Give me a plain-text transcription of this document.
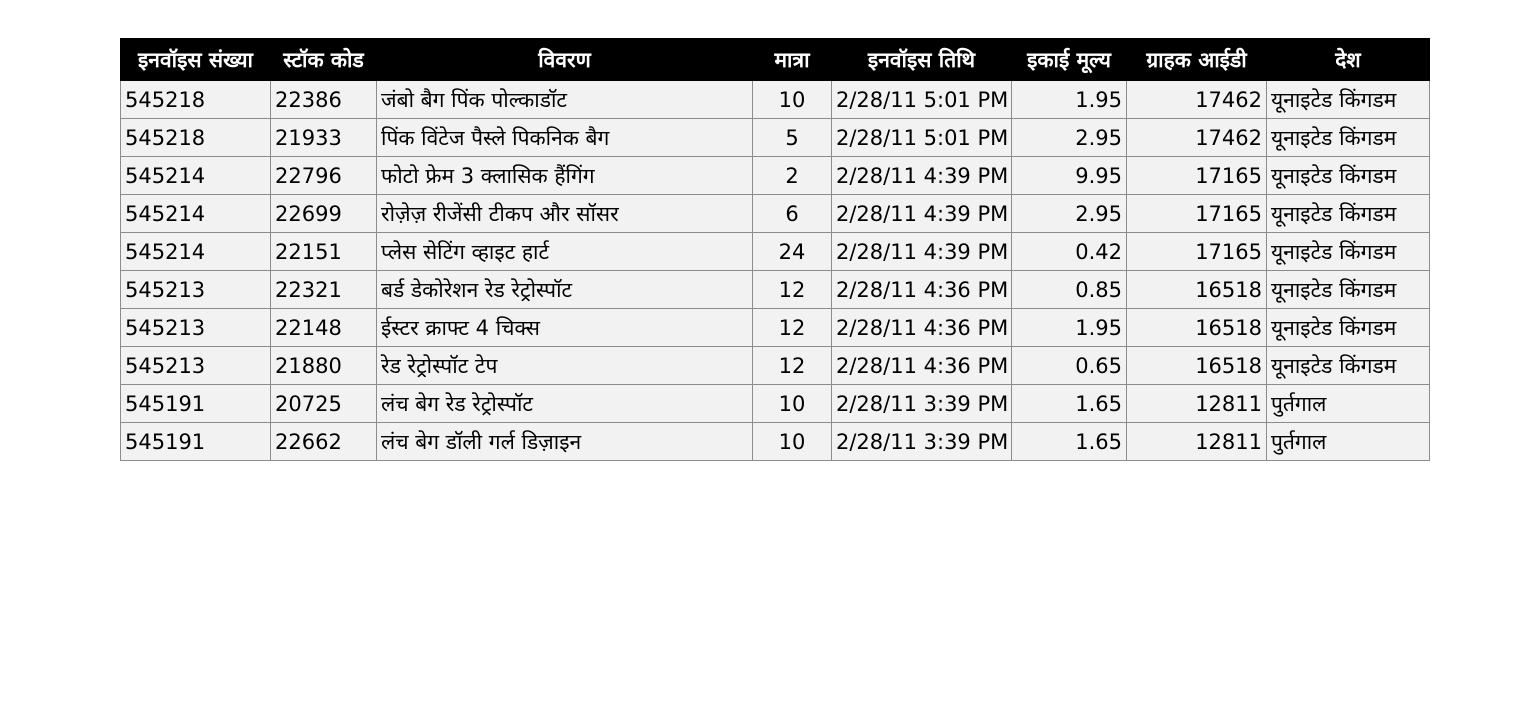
इनवॉइस संख्या	स्टॉक कोड	विवरण	मात्रा	इनवॉइस तिथि	इकाई मूल्य	ग्राहक आईडी	देश
545218	22386	जंबो बैग पिंक पोल्काडॉट	10	2/28/11 5:01 PM	1.95	17462	यूनाइटेड किंगडम
545218	21933	पिंक विंटेज पैस्ले पिकनिक बैग	5	2/28/11 5:01 PM	2.95	17462	यूनाइटेड किंगडम
545214	22796	फोटो फ्रेम 3 क्लासिक हैंगिंग	2	2/28/11 4:39 PM	9.95	17165	यूनाइटेड किंगडम
545214	22699	रोज़ेज़ रीजेंसी टीकप और सॉसर	6	2/28/11 4:39 PM	2.95	17165	यूनाइटेड किंगडम
545214	22151	प्लेस सेटिंग व्हाइट हार्ट	24	2/28/11 4:39 PM	0.42	17165	यूनाइटेड किंगडम
545213	22321	बर्ड डेकोरेशन रेड रेट्रोस्पॉट	12	2/28/11 4:36 PM	0.85	16518	यूनाइटेड किंगडम
545213	22148	ईस्टर क्राफ्ट 4 चिक्स	12	2/28/11 4:36 PM	1.95	16518	यूनाइटेड किंगडम
545213	21880	रेड रेट्रोस्पॉट टेप	12	2/28/11 4:36 PM	0.65	16518	यूनाइटेड किंगडम
545191	20725	लंच बेग रेड रेट्रोस्पॉट	10	2/28/11 3:39 PM	1.65	12811	पुर्तगाल
545191	22662	लंच बेग डॉली गर्ल डिज़ाइन	10	2/28/11 3:39 PM	1.65	12811	पुर्तगाल
